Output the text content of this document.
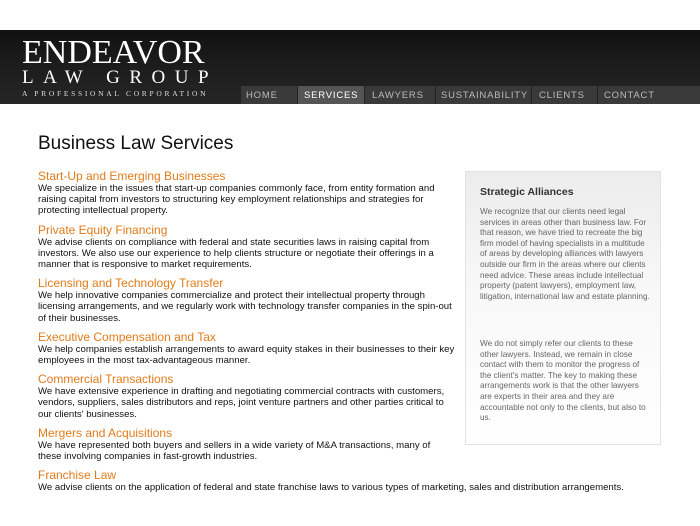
ENDEAVOR
LAW GROUP
A PROFESSIONAL CORPORATION	HOME	SERVICES	LAWYERS	SUSTAINABILITY	CLIENTS	CONTACT
Business Law Services
Start-Up and Emerging Businesses
We specialize in the issues that start-up companies commonly face, from entity formation and raising capital from investors to structuring key employment relationships and strategies for protecting intellectual property.
Private Equity Financing
We advise clients on compliance with federal and state securities laws in raising capital from investors. We also use our experience to help clients structure or negotiate their offerings in a manner that is responsive to market requirements.
Licensing and Technology Transfer
We help innovative companies commercialize and protect their intellectual property through licensing arrangements, and we regularly work with technology transfer companies in the spin-out of their businesses.
Executive Compensation and Tax
We help companies establish arrangements to award equity stakes in their businesses to their key employees in the most tax-advantageous manner.
Commercial Transactions
We have extensive experience in drafting and negotiating commercial contracts with customers, vendors, suppliers, sales distributors and reps, joint venture partners and other parties critical to our clients' businesses.
Mergers and Acquisitions
We have represented both buyers and sellers in a wide variety of M&A transactions, many of these involving companies in fast-growth industries.
Franchise Law
We advise clients on the application of federal and state franchise laws to various types of marketing, sales and distribution arrangements.
Strategic Alliances
We recognize that our clients need legal services in areas other than business law. For that reason, we have tried to recreate the big firm model of having specialists in a multitude of areas by developing alliances with lawyers outside our firm in the areas where our clients need advice. These areas include intellectual property (patent lawyers), employment law, litigation, international law and estate planning.
We do not simply refer our clients to these other lawyers. Instead, we remain in close contact with them to monitor the progress of the client's matter. The key to making these arrangements work is that the other lawyers are experts in their area and they are accountable not only to the clients, but also to us.
